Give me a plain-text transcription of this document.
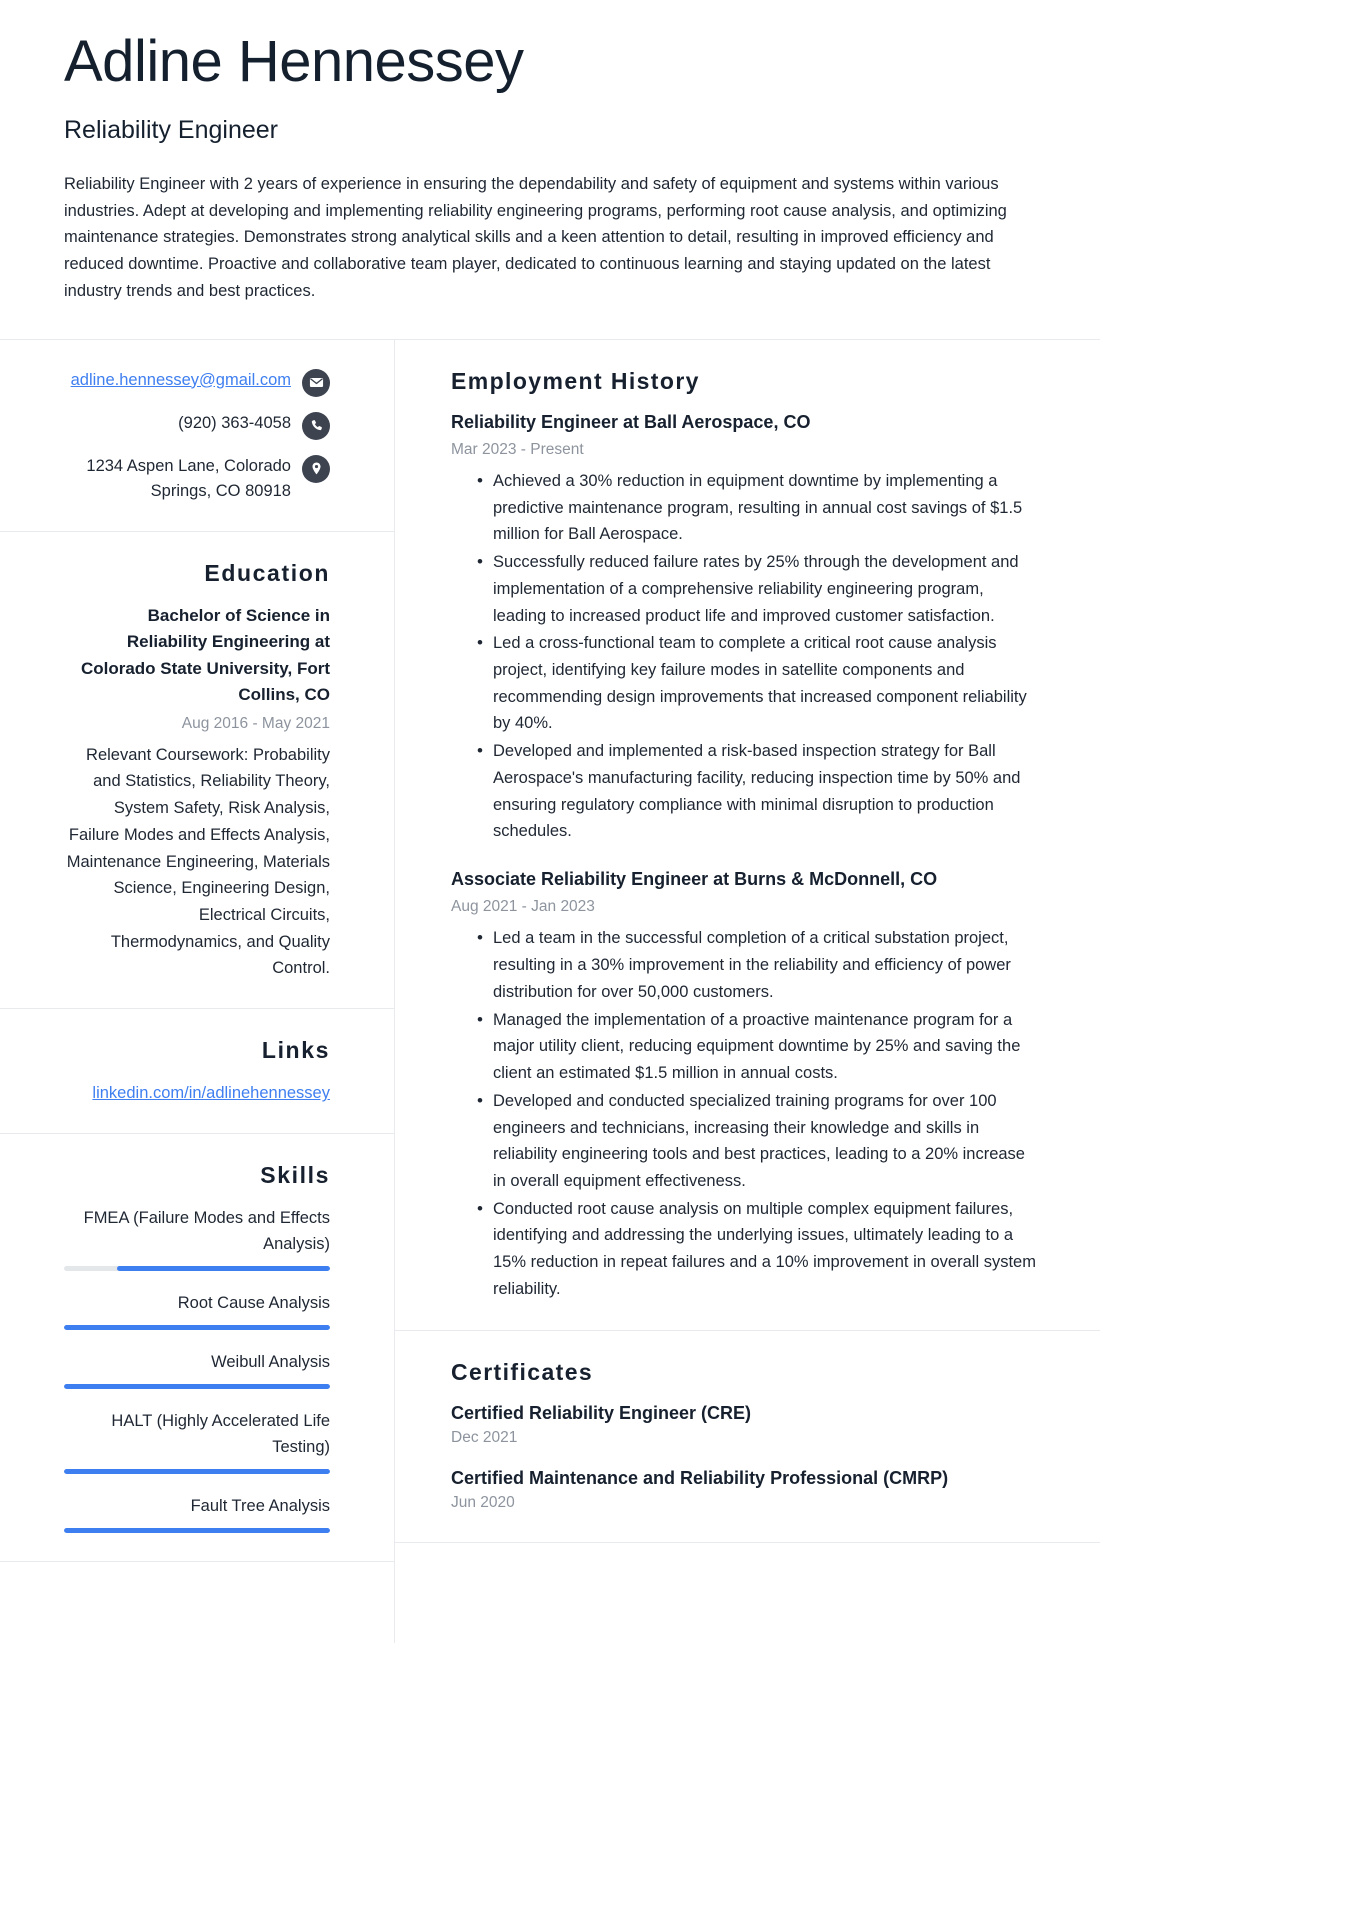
Adline Hennessey
Reliability Engineer
Reliability Engineer with 2 years of experience in ensuring the dependability and safety of equipment and systems within various industries. Adept at developing and implementing reliability engineering programs, performing root cause analysis, and optimizing maintenance strategies. Demonstrates strong analytical skills and a keen attention to detail, resulting in improved efficiency and reduced downtime. Proactive and collaborative team player, dedicated to continuous learning and staying updated on the latest industry trends and best practices.
adline.hennessey@gmail.com
(920) 363-4058
1234 Aspen Lane, Colorado Springs, CO 80918
Education
Bachelor of Science in Reliability Engineering at Colorado State University, Fort Collins, CO
Aug 2016 - May 2021
Relevant Coursework: Probability and Statistics, Reliability Theory, System Safety, Risk Analysis, Failure Modes and Effects Analysis, Maintenance Engineering, Materials Science, Engineering Design, Electrical Circuits, Thermodynamics, and Quality Control.
Links
linkedin.com/in/adlinehennessey
Skills
FMEA (Failure Modes and Effects Analysis)
Root Cause Analysis
Weibull Analysis
HALT (Highly Accelerated Life Testing)
Fault Tree Analysis
Employment History
Reliability Engineer at Ball Aerospace, CO
Mar 2023 - Present
• Achieved a 30% reduction in equipment downtime by implementing a predictive maintenance program, resulting in annual cost savings of $1.5 million for Ball Aerospace.
• Successfully reduced failure rates by 25% through the development and implementation of a comprehensive reliability engineering program, leading to increased product life and improved customer satisfaction.
• Led a cross-functional team to complete a critical root cause analysis project, identifying key failure modes in satellite components and recommending design improvements that increased component reliability by 40%.
• Developed and implemented a risk-based inspection strategy for Ball Aerospace's manufacturing facility, reducing inspection time by 50% and ensuring regulatory compliance with minimal disruption to production schedules.
Associate Reliability Engineer at Burns & McDonnell, CO
Aug 2021 - Jan 2023
• Led a team in the successful completion of a critical substation project, resulting in a 30% improvement in the reliability and efficiency of power distribution for over 50,000 customers.
• Managed the implementation of a proactive maintenance program for a major utility client, reducing equipment downtime by 25% and saving the client an estimated $1.5 million in annual costs.
• Developed and conducted specialized training programs for over 100 engineers and technicians, increasing their knowledge and skills in reliability engineering tools and best practices, leading to a 20% increase in overall equipment effectiveness.
• Conducted root cause analysis on multiple complex equipment failures, identifying and addressing the underlying issues, ultimately leading to a 15% reduction in repeat failures and a 10% improvement in overall system reliability.
Certificates
Certified Reliability Engineer (CRE)
Dec 2021
Certified Maintenance and Reliability Professional (CMRP)
Jun 2020
